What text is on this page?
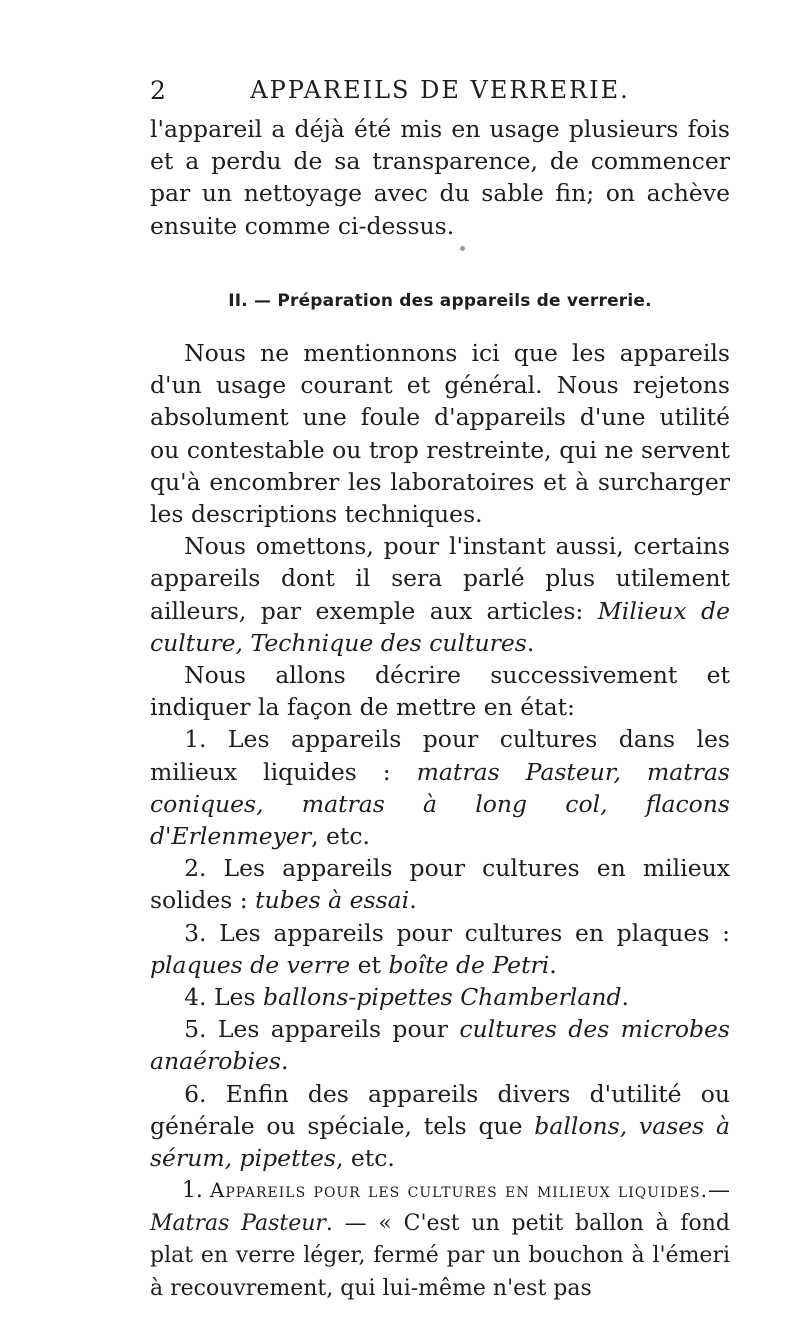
2	APPAREILS DE VERRERIE.

l'appareil a déjà été mis en usage plusieurs fois et a perdu de sa transparence, de commencer par un nettoyage avec du sable fin; on achève ensuite comme ci-dessus.

II. — Préparation des appareils de verrerie.

Nous ne mentionnons ici que les appareils d'un usage courant et général. Nous rejetons absolument une foule d'appareils d'une utilité ou contestable ou trop restreinte, qui ne servent qu'à encombrer les laboratoires et à surcharger les descriptions techniques.

Nous omettons, pour l'instant aussi, certains appareils dont il sera parlé plus utilement ailleurs, par exemple aux articles: Milieux de culture, Technique des cultures.

Nous allons décrire successivement et indiquer la façon de mettre en état:

1. Les appareils pour cultures dans les milieux liquides : matras Pasteur, matras coniques, matras à long col, flacons d'Erlenmeyer, etc.

2. Les appareils pour cultures en milieux solides : tubes à essai.

3. Les appareils pour cultures en plaques : plaques de verre et boîte de Petri.

4. Les ballons-pipettes Chamberland.

5. Les appareils pour cultures des microbes anaérobies.

6. Enfin des appareils divers d'utilité ou générale ou spéciale, tels que ballons, vases à sérum, pipettes, etc.

1. Appareils pour les cultures en milieux liquides.— Matras Pasteur. — « C'est un petit ballon à fond plat en verre léger, fermé par un bouchon à l'émeri à recouvrement, qui lui-même n'est pas
